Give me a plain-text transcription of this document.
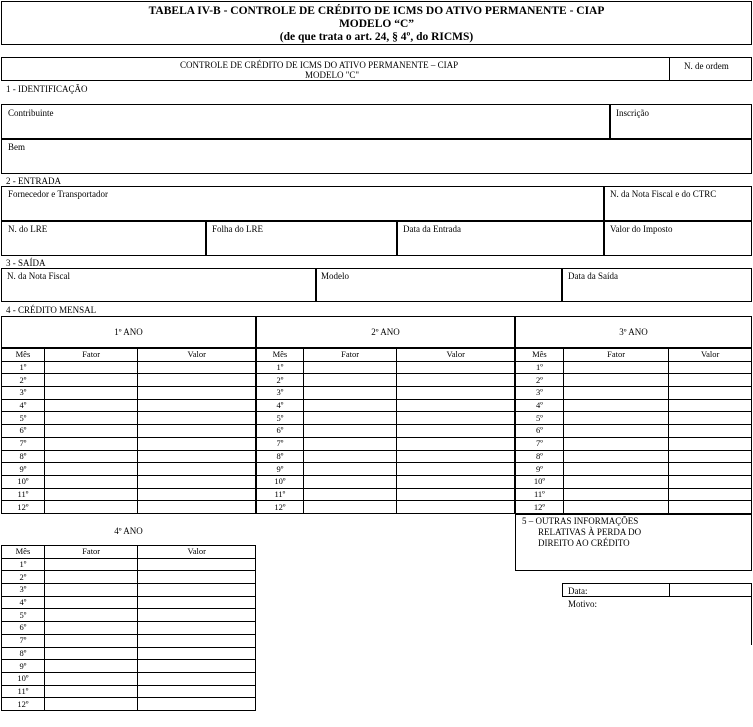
TABELA IV-B - CONTROLE DE CRÉDITO DE ICMS DO ATIVO PERMANENTE - CIAP
MODELO “C”
(de que trata o art. 24, § 4º, do RICMS)
CONTROLE DE CRÉDITO DE ICMS DO ATIVO PERMANENTE – CIAP
MODELO "C"
N. de ordem
1 - IDENTIFICAÇÃO
Contribuinte	Inscrição
Bem
2 - ENTRADA
Fornecedor e Transportador	N. da Nota Fiscal e do CTRC
N. do LRE	Folha do LRE	Data da Entrada	Valor do Imposto
3 - SAÍDA
N. da Nota Fiscal	Modelo	Data da Saída
4 - CRÉDITO MENSAL
1º ANO	2º ANO	3º ANO
Mês	Fator	Valor
1º		
2º		
3º		
4º		
5º		
6º		
7º		
8º		
9º		
10º		
11º		
12º		
Mês	Fator	Valor
1º		
2º		
3º		
4º		
5º		
6º		
7º		
8º		
9º		
10º		
11º		
12º		
Mês	Fator	Valor
1º		
2º		
3º		
4º		
5º		
6º		
7º		
8º		
9º		
10º		
11º		
12º		
4º ANO
Mês	Fator	Valor
1º		
2º		
3º		
4º		
5º		
6º		
7º		
8º		
9º		
10º		
11º		
12º		
5 – OUTRAS INFORMAÇÕES
RELATIVAS À PERDA DO
DIREITO AO CRÉDITO
Data:
Motivo:
